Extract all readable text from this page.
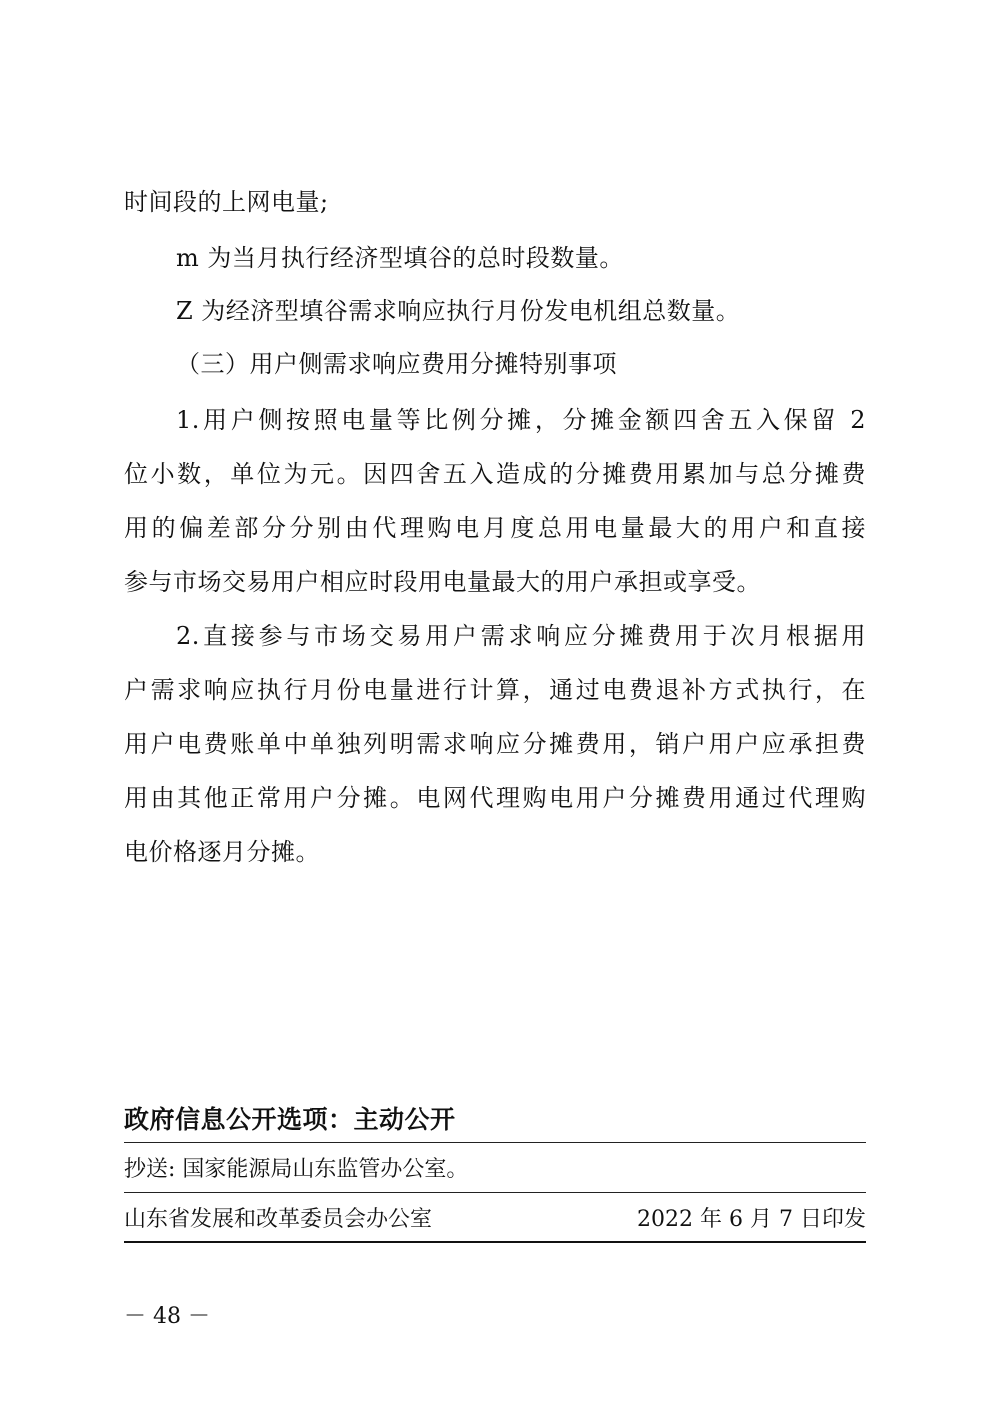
时间段的上网电量;
m 为当月执行经济型填谷的总时段数量。
Z 为经济型填谷需求响应执行月份发电机组总数量。
（三）用户侧需求响应费用分摊特别事项
1.用户侧按照电量等比例分摊，分摊金额四舍五入保留 2
位小数，单位为元。因四舍五入造成的分摊费用累加与总分摊费
用的偏差部分分别由代理购电月度总用电量最大的用户和直接
参与市场交易用户相应时段用电量最大的用户承担或享受。
2.直接参与市场交易用户需求响应分摊费用于次月根据用
户需求响应执行月份电量进行计算，通过电费退补方式执行，在
用户电费账单中单独列明需求响应分摊费用，销户用户应承担费
用由其他正常用户分摊。电网代理购电用户分摊费用通过代理购
电价格逐月分摊。
政府信息公开选项：主动公开
抄送: 国家能源局山东监管办公室。
山东省发展和改革委员会办公室	2022 年 6 月 7 日印发
－ 48 －
